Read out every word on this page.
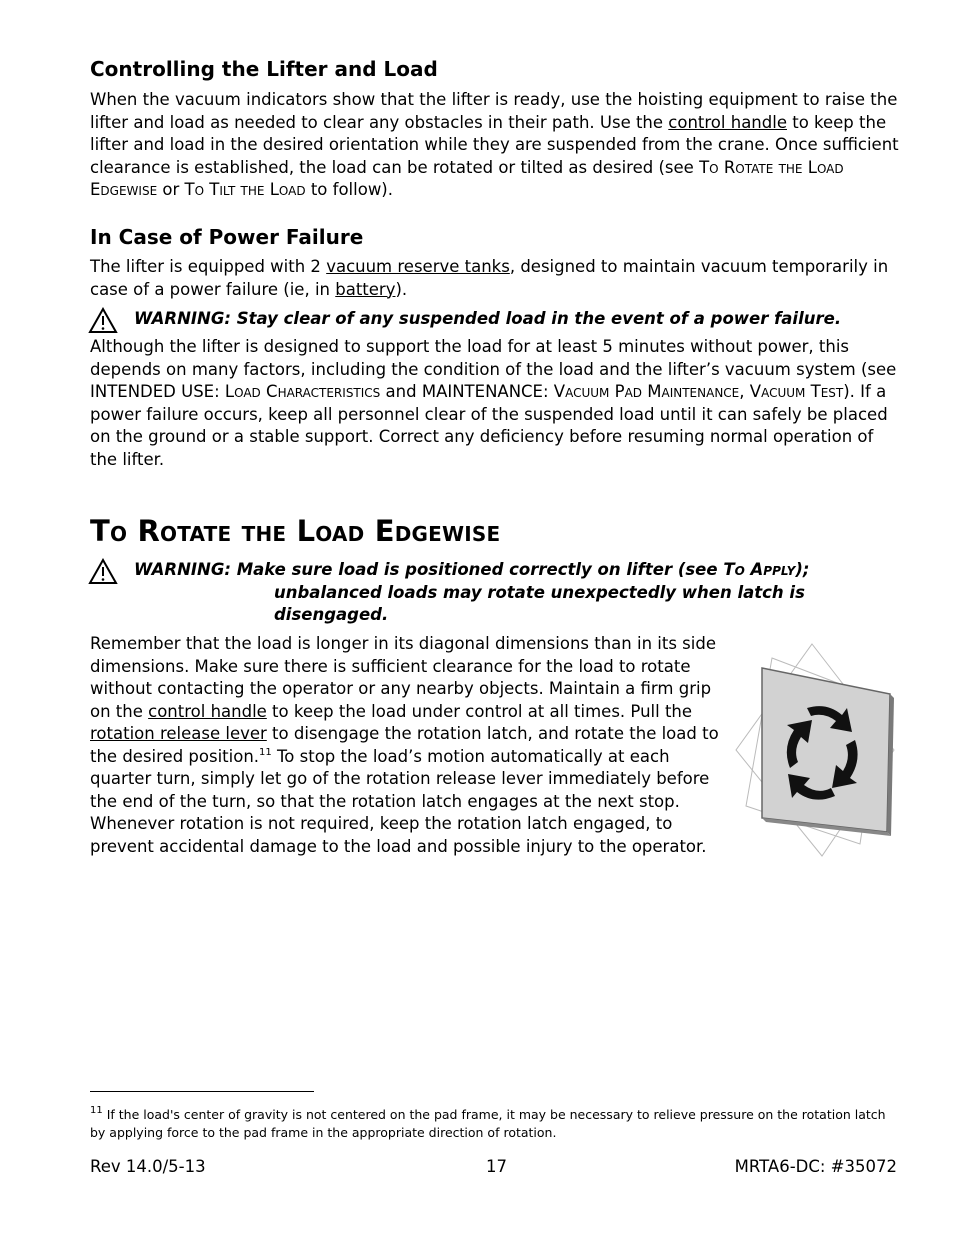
Controlling the Lifter and Load
When the vacuum indicators show that the lifter is ready, use the hoisting equipment to raise the lifter and load as needed to clear any obstacles in their path. Use the control handle to keep the lifter and load in the desired orientation while they are suspended from the crane. Once sufficient clearance is established, the load can be rotated or tilted as desired (see To Rotate the Load Edgewise or To Tilt the Load to follow).
In Case of Power Failure
The lifter is equipped with 2 vacuum reserve tanks, designed to maintain vacuum temporarily in case of a power failure (ie, in battery).
WARNING: Stay clear of any suspended load in the event of a power failure.
Although the lifter is designed to support the load for at least 5 minutes without power, this depends on many factors, including the condition of the load and the lifter’s vacuum system (see INTENDED USE: Load Characteristics and MAINTENANCE: Vacuum Pad Maintenance, Vacuum Test). If a power failure occurs, keep all personnel clear of the suspended load until it can safely be placed on the ground or a stable support. Correct any deficiency before resuming normal operation of the lifter.
To Rotate the Load Edgewise
WARNING: Make sure load is positioned correctly on lifter (see To Apply);
unbalanced loads may rotate unexpectedly when latch is
disengaged.
Remember that the load is longer in its diagonal dimensions than in its side dimensions. Make sure there is sufficient clearance for the load to rotate without contacting the operator or any nearby objects. Maintain a firm grip on the control handle to keep the load under control at all times. Pull the rotation release lever to disengage the rotation latch, and rotate the load to the desired position.$^{11}$ To stop the load’s motion automatically at each quarter turn, simply let go of the rotation release lever immediately before the end of the turn, so that the rotation latch engages at the next stop. Whenever rotation is not required, keep the rotation latch engaged, to prevent accidental damage to the load and possible injury to the operator.
$^{11}$ If the load's center of gravity is not centered on the pad frame, it may be necessary to relieve pressure on the rotation latch by applying force to the pad frame in the appropriate direction of rotation.
Rev 14.0/5-13	17	MRTA6-DC: #35072
